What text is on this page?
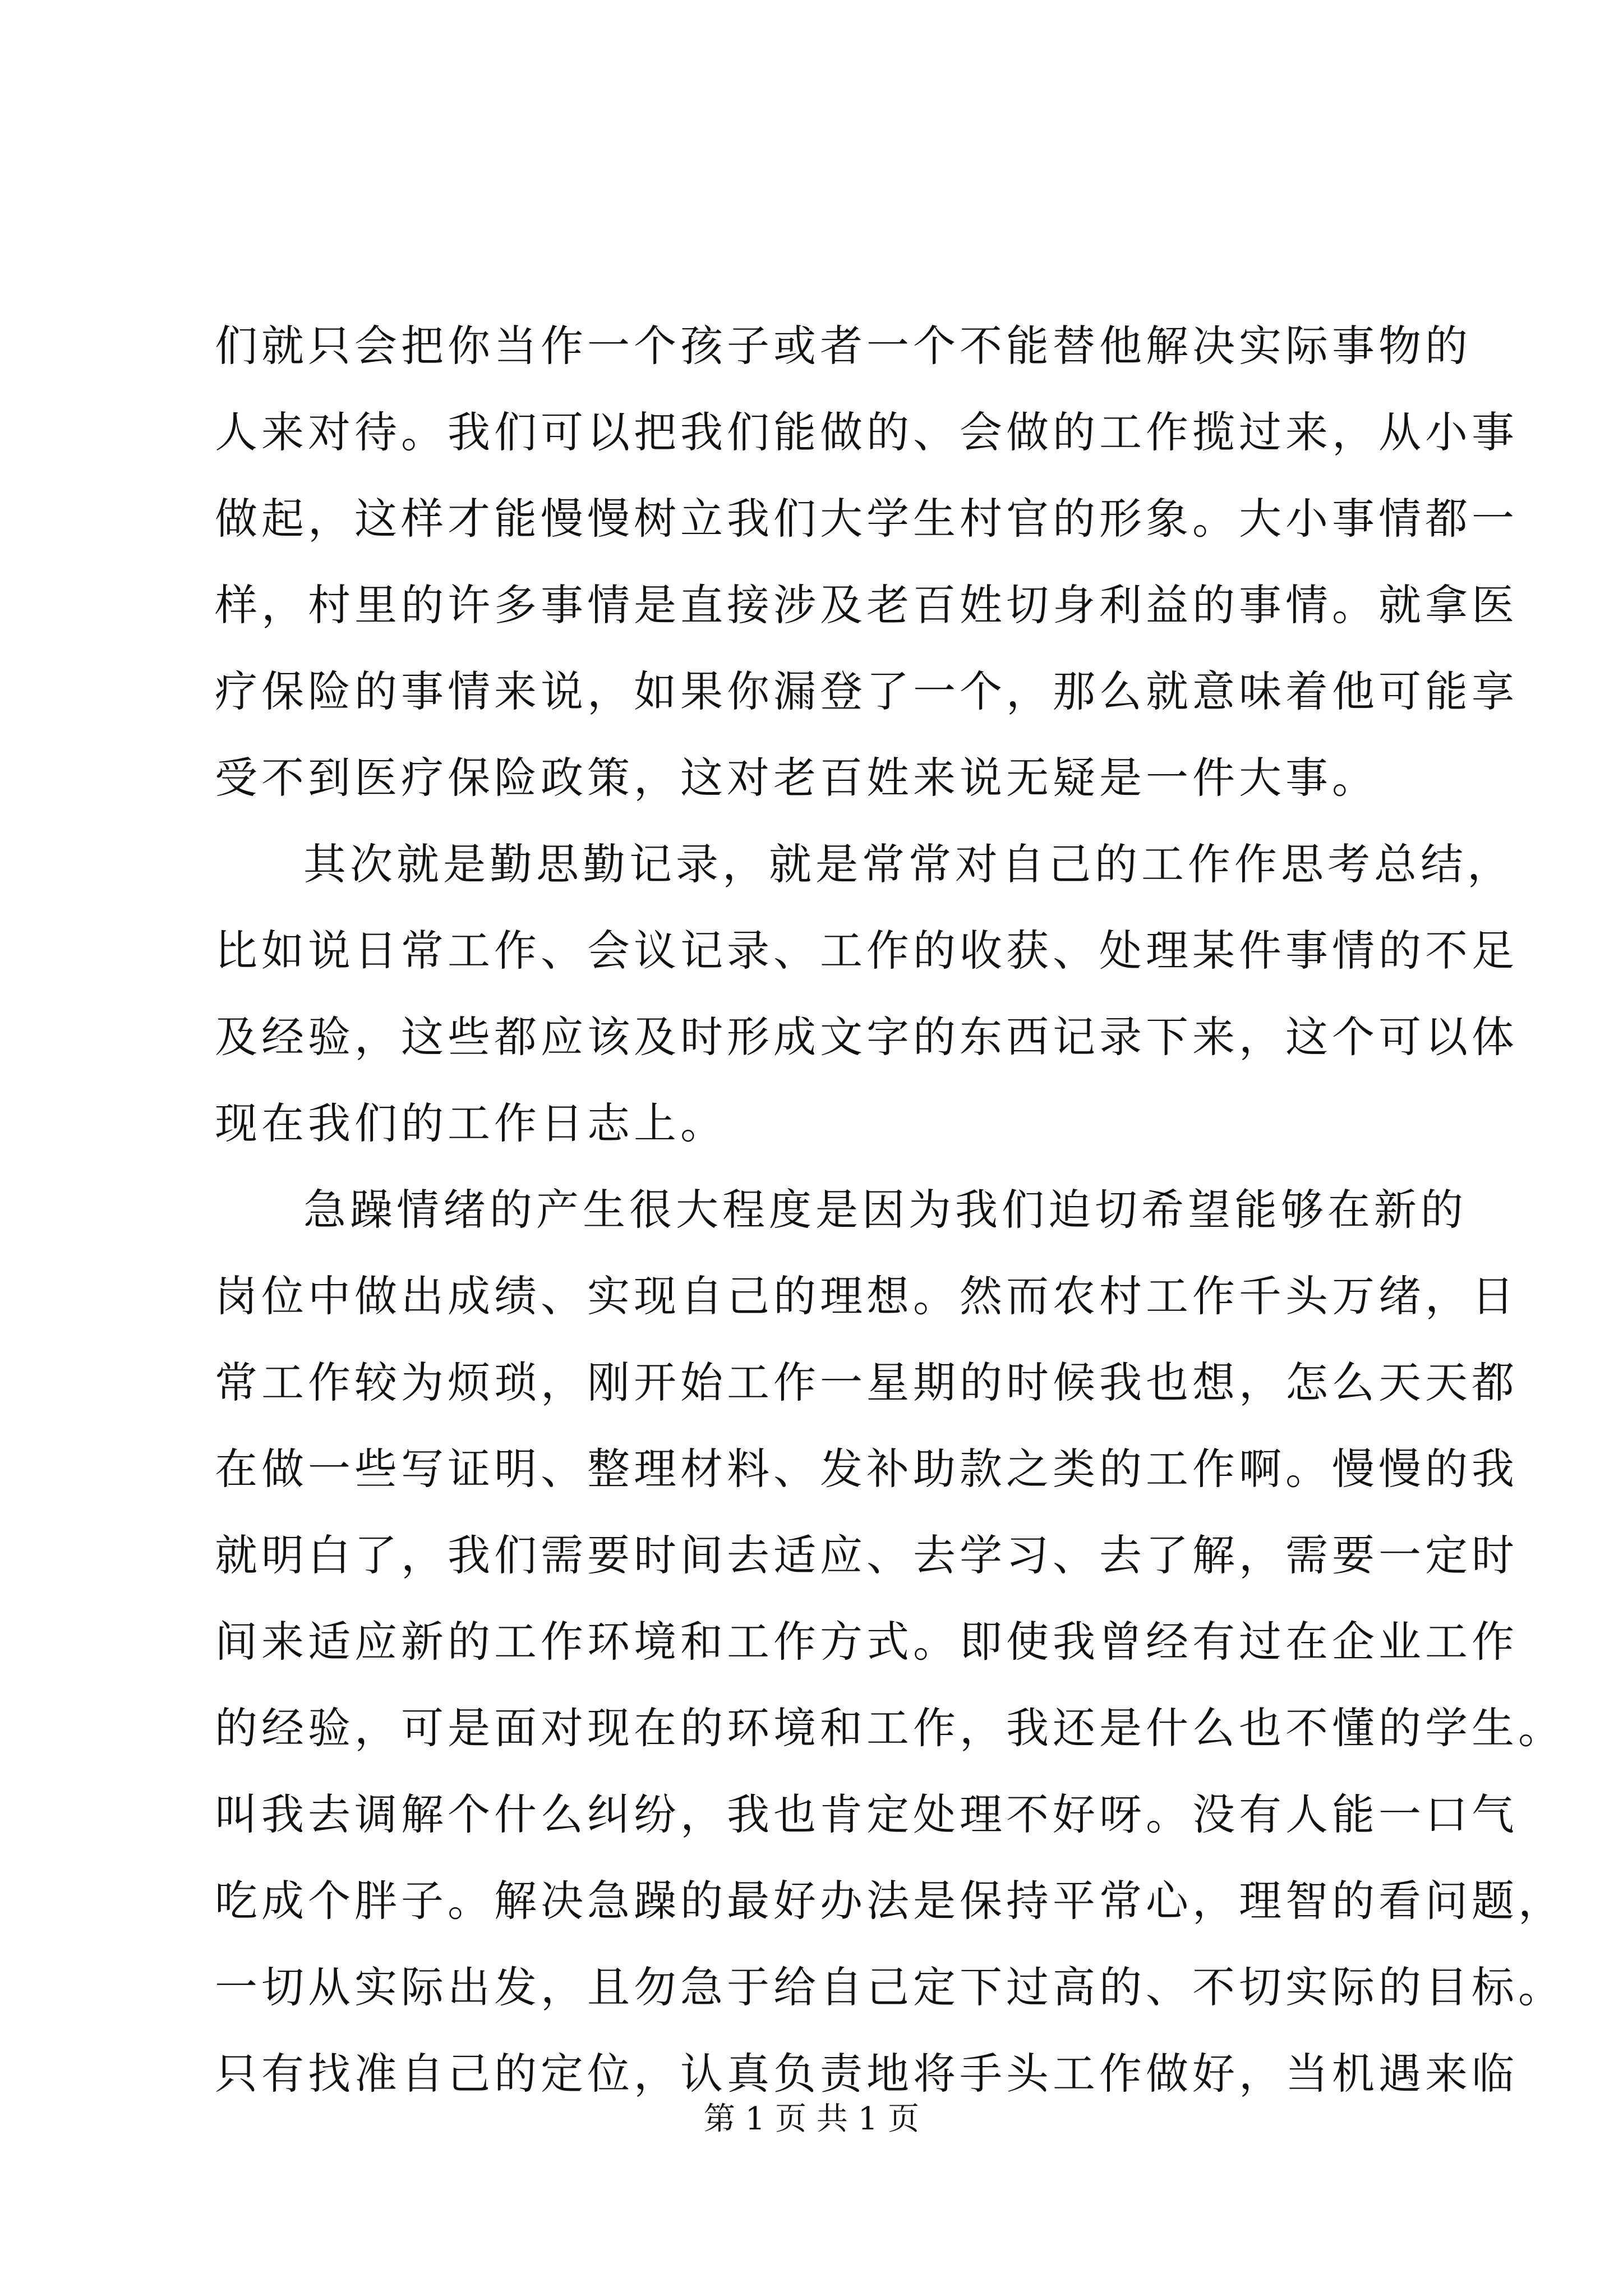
们就只会把你当作一个孩子或者一个不能替他解决实际事物的
人来对待。我们可以把我们能做的、会做的工作揽过来，从小事
做起，这样才能慢慢树立我们大学生村官的形象。大小事情都一
样，村里的许多事情是直接涉及老百姓切身利益的事情。就拿医
疗保险的事情来说，如果你漏登了一个，那么就意味着他可能享
受不到医疗保险政策，这对老百姓来说无疑是一件大事。
其次就是勤思勤记录，就是常常对自己的工作作思考总结，
比如说日常工作、会议记录、工作的收获、处理某件事情的不足
及经验，这些都应该及时形成文字的东西记录下来，这个可以体
现在我们的工作日志上。
急躁情绪的产生很大程度是因为我们迫切希望能够在新的
岗位中做出成绩、实现自己的理想。然而农村工作千头万绪，日
常工作较为烦琐，刚开始工作一星期的时候我也想，怎么天天都
在做一些写证明、整理材料、发补助款之类的工作啊。慢慢的我
就明白了，我们需要时间去适应、去学习、去了解，需要一定时
间来适应新的工作环境和工作方式。即使我曾经有过在企业工作
的经验，可是面对现在的环境和工作，我还是什么也不懂的学生。
叫我去调解个什么纠纷，我也肯定处理不好呀。没有人能一口气
吃成个胖子。解决急躁的最好办法是保持平常心，理智的看问题，
一切从实际出发，且勿急于给自己定下过高的、不切实际的目标。
只有找准自己的定位，认真负责地将手头工作做好，当机遇来临
第 1 页 共 1 页
